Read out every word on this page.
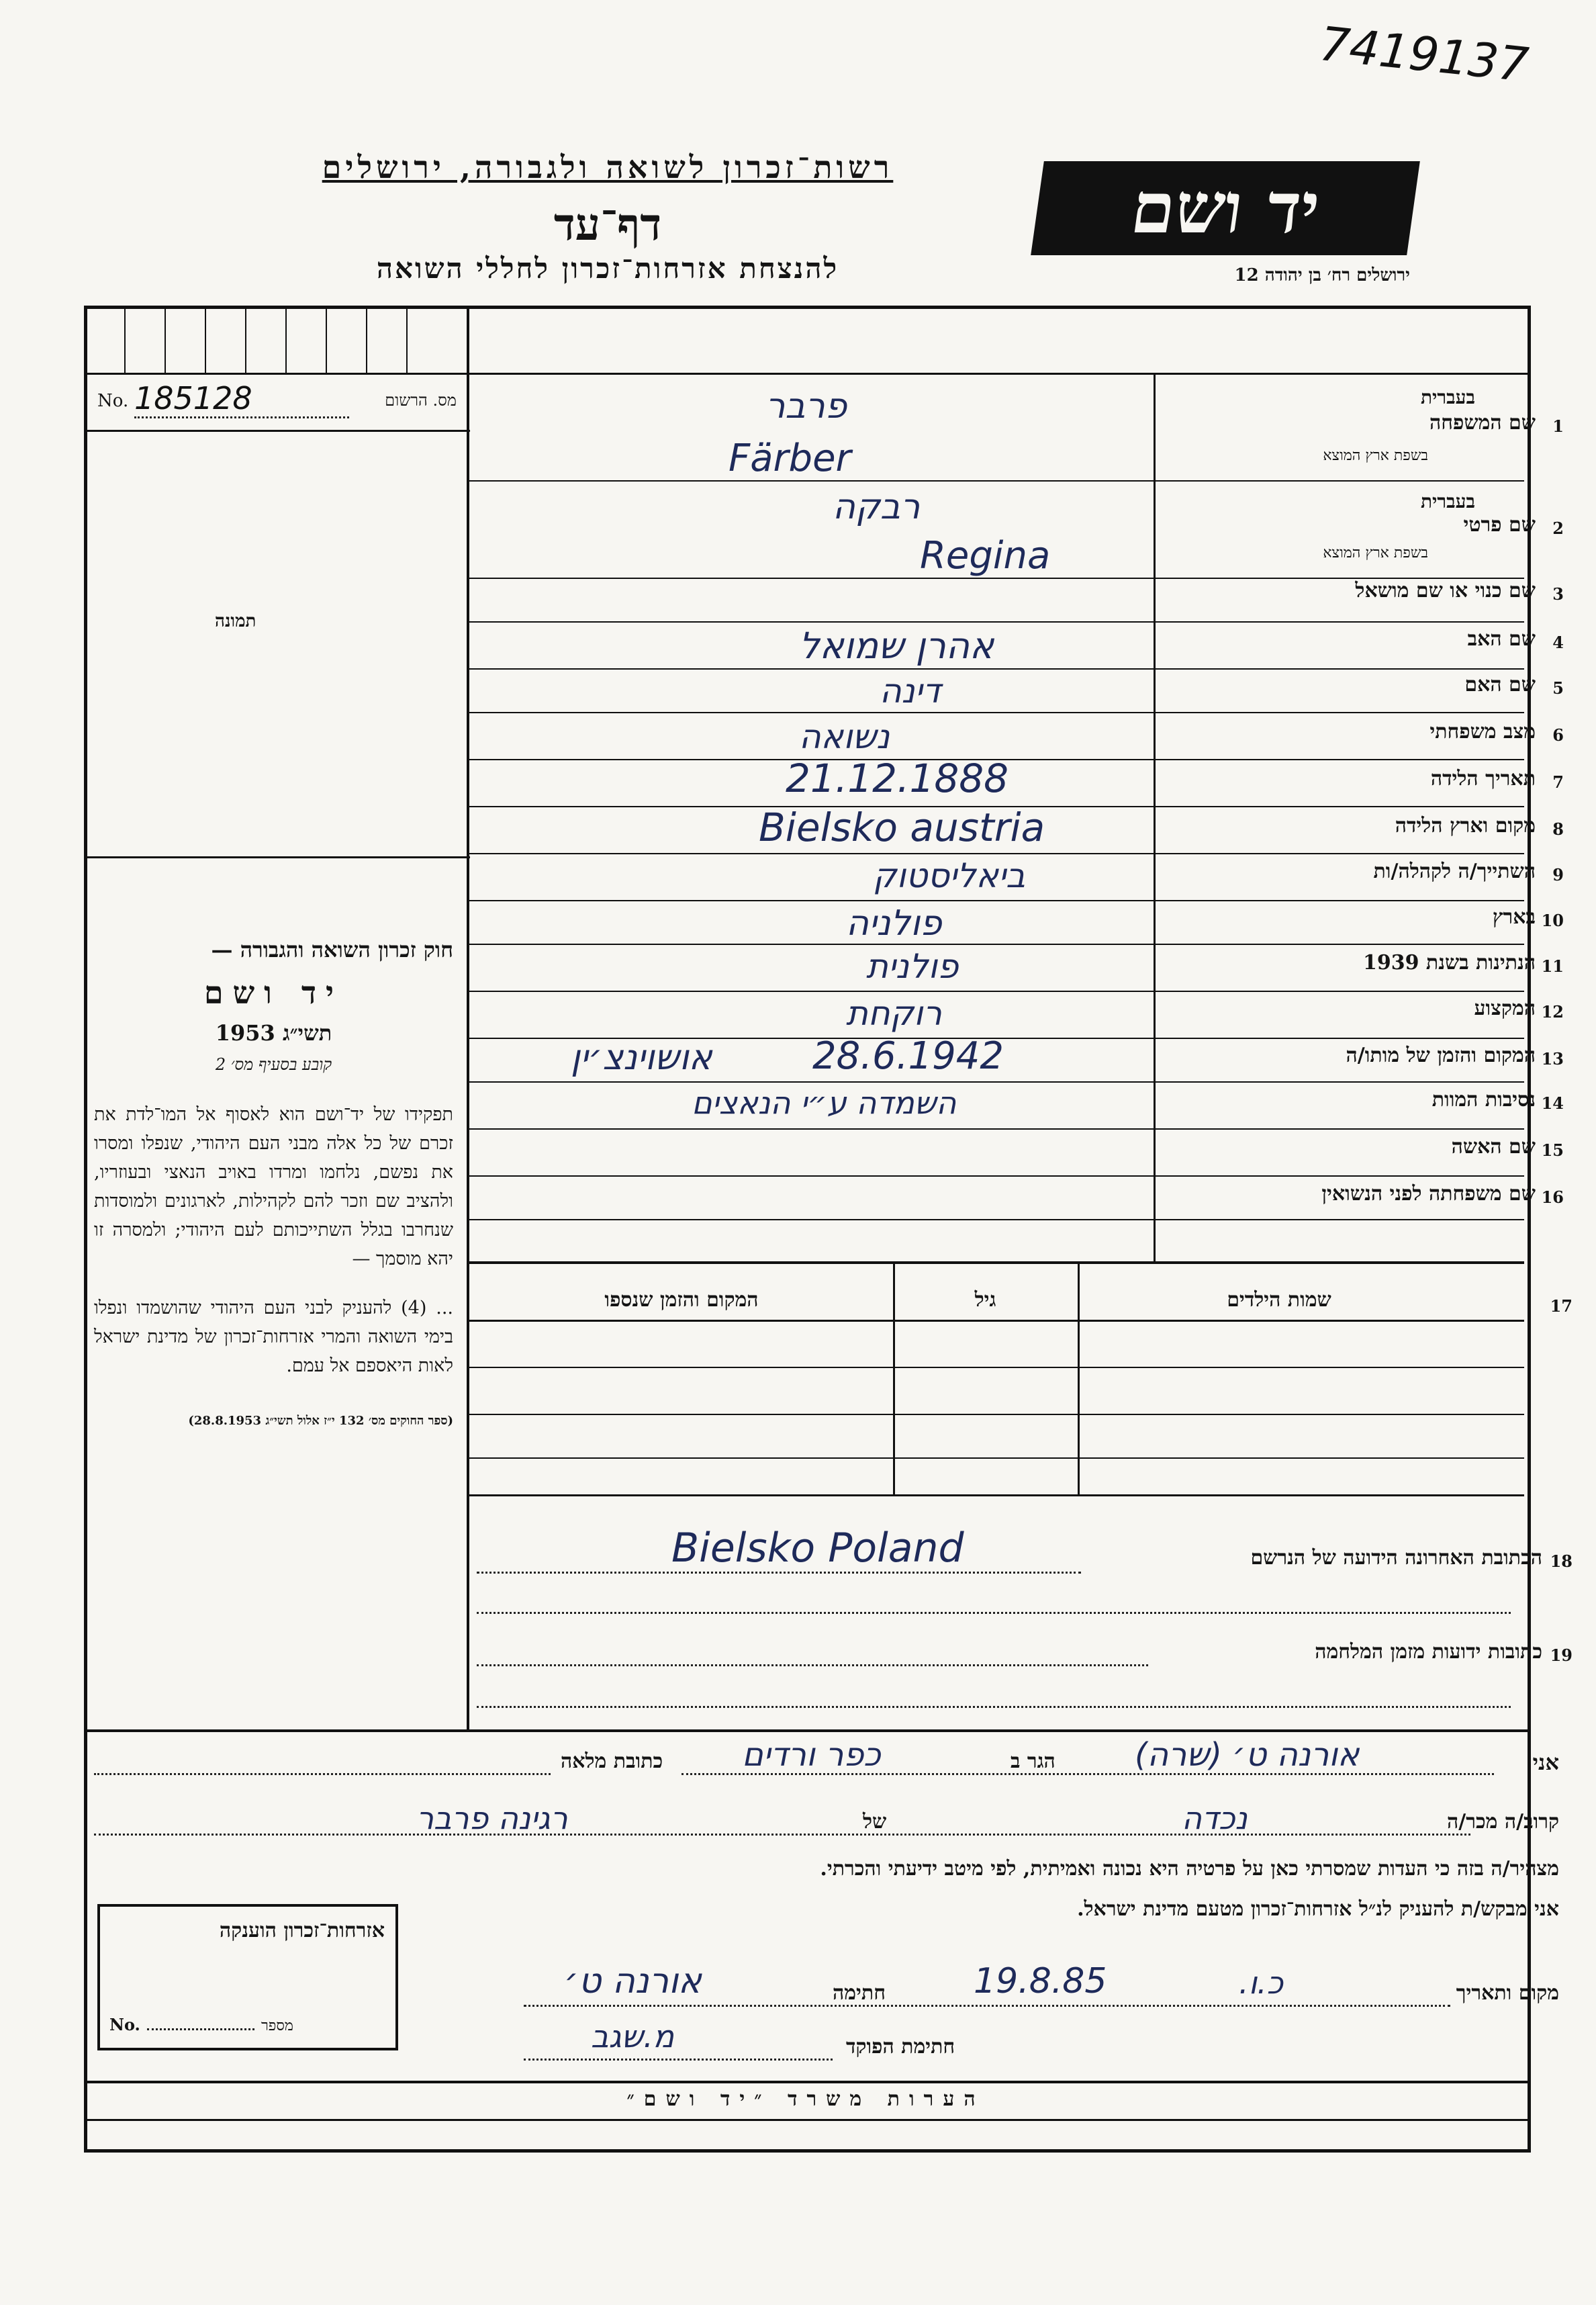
7419137
רשות־זכרון לשואה ולגבורה, ירושלים
דף־עד
להנצחת אזרחות־זכרון לחללי השואה
יד ושם
ירושלים רח׳ בן יהודה 12
No. 185128	מס. הרשום
תמונה
חוק זכרון השואה והגבורה —
יד ושם
תשי״ג 1953
קובע בסעיף מס׳ 2
תפקידו של יד־ושם הוא לאסוף אל המו־לדת את זכרם של כל אלה מבני העם היהודי, שנפלו ומסרו את נפשם, נלחמו ומרדו באויב הנאצי ובעוזריו, ולהציב שם וזכר להם לקהילות, לארגונים ולמוסדות שנחרבו בגלל השתייכותם לעם היהודי; ולמסרה זו יהא מוסמך —
... (4) להעניק לבני העם היהודי שהושמדו ונפלו בימי השואה והמרי אזרחות־זכרון של מדינת ישראל לאות היאספם אל עמם.
(ספר החוקים מס׳ 132 י״ז אלול תשי״ג 28.8.1953)
בעברית
1
שם המשפחה
בשפת ארץ המוצא
פרבר
Färber
בעברית
2
שם פרטי
בשפת ארץ המוצא
רבקה
Regina
3
שם כנוי או שם מושאל
4
שם האב
אהרן שמואל
5
שם האם
דינה
6
מצב משפחתי
נשואה
7
תאריך הלידה
21.12.1888
8
מקום וארץ הלידה
Bielsko austria
9
השתייך/ה לקהלה/ות
ביאליסטוק
10
בארץ
פולניה
11
הנתינות בשנת 1939
פולנית
12
המקצוע
רוקחת
13
המקום והזמן של מותו/ה
28.6.1942
אושוינצ׳ין
14
נסיבות המוות
השמדה ע״י הנאצים
15
שם האשה
16
שם משפחתה לפני הנשואין
17
שמות הילדים
גיל
המקום והזמן שנספו
18
הכתובת האחרונה הידועה של הנרשם
Bielsko Poland
19
כתובות ידועות מזמן המלחמה
אני
אורנה ט׳ (שרה)
הגר ב
כפר ורדים
כתובת מלאה
קרוב/ה מכר/ה
נכדה
של
רגינה פרבר
מצהיר/ה בזה כי העדות שמסרתי כאן על פרטיה היא נכונה ואמיתית, לפי מיטב ידיעתי והכרתי.
אני מבקש/ת להעניק לנ״ל אזרחות־זכרון מטעם מדינת ישראל.
מקום ותאריך
כ.ו.
19.8.85
חתימה
אורנה ט׳
חתימת הפוקד
מ.שגב
אזרחות־זכרון הוענקה
No.	מספר
הערות משרד ״יד ושם״
